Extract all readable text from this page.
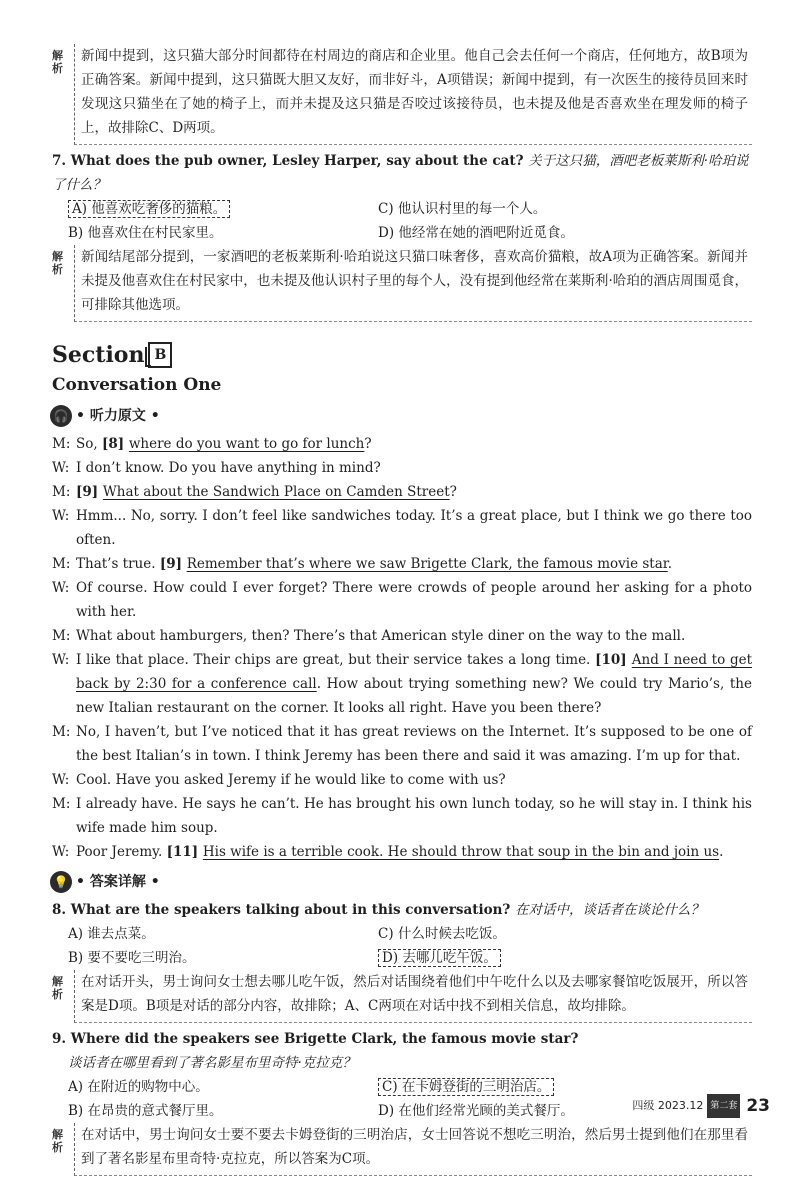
解
析
新闻中提到，这只猫大部分时间都待在村周边的商店和企业里。他自己会去任何一个商店，任何地方，故B项为正确答案。新闻中提到，这只猫既大胆又友好，而非好斗，A项错误；新闻中提到，有一次医生的接待员回来时发现这只猫坐在了她的椅子上，而并未提及这只猫是否咬过该接待员，也未提及他是否喜欢坐在理发师的椅子上，故排除C、D两项。
7. What does the pub owner, Lesley Harper, say about the cat? 关于这只猫，酒吧老板莱斯利·哈珀说了什么？
A) 他喜欢吃奢侈的猫粮。	C) 他认识村里的每一个人。
B) 他喜欢住在村民家里。	D) 他经常在她的酒吧附近觅食。
解
析
新闻结尾部分提到，一家酒吧的老板莱斯利·哈珀说这只猫口味奢侈，喜欢高价猫粮，故A项为正确答案。新闻并未提及他喜欢住在村民家中，也未提及他认识村子里的每个人，没有提到他经常在莱斯利·哈珀的酒店周围觅食，可排除其他选项。
Section B
Conversation One
🎧 • 听力原文 •
M: So, [8] where do you want to go for lunch?
W: I don’t know. Do you have anything in mind?
M: [9] What about the Sandwich Place on Camden Street?
W: Hmm... No, sorry. I don’t feel like sandwiches today. It’s a great place, but I think we go there too often.
M: That’s true. [9] Remember that’s where we saw Brigette Clark, the famous movie star.
W: Of course. How could I ever forget? There were crowds of people around her asking for a photo with her.
M: What about hamburgers, then? There’s that American style diner on the way to the mall.
W: I like that place. Their chips are great, but their service takes a long time. [10] And I need to get back by 2:30 for a conference call. How about trying something new? We could try Mario’s, the new Italian restaurant on the corner. It looks all right. Have you been there?
M: No, I haven’t, but I’ve noticed that it has great reviews on the Internet. It’s supposed to be one of the best Italian’s in town. I think Jeremy has been there and said it was amazing. I’m up for that.
W: Cool. Have you asked Jeremy if he would like to come with us?
M: I already have. He says he can’t. He has brought his own lunch today, so he will stay in. I think his wife made him soup.
W: Poor Jeremy. [11] His wife is a terrible cook. He should throw that soup in the bin and join us.
💡 • 答案详解 •
8. What are the speakers talking about in this conversation? 在对话中，谈话者在谈论什么？
A) 谁去点菜。	C) 什么时候去吃饭。
B) 要不要吃三明治。	D) 去哪儿吃午饭。
解
析
在对话开头，男士询问女士想去哪儿吃午饭，然后对话围绕着他们中午吃什么以及去哪家餐馆吃饭展开，所以答案是D项。B项是对话的部分内容，故排除；A、C两项在对话中找不到相关信息，故均排除。
9. Where did the speakers see Brigette Clark, the famous movie star?
谈话者在哪里看到了著名影星布里奇特·克拉克？
A) 在附近的购物中心。	C) 在卡姆登街的三明治店。
B) 在昂贵的意式餐厅里。	D) 在他们经常光顾的美式餐厅。
解
析
在对话中，男士询问女士要不要去卡姆登街的三明治店，女士回答说不想吃三明治，然后男士提到他们在那里看到了著名影星布里奇特·克拉克，所以答案为C项。
四级 2023.12 第二套 23
